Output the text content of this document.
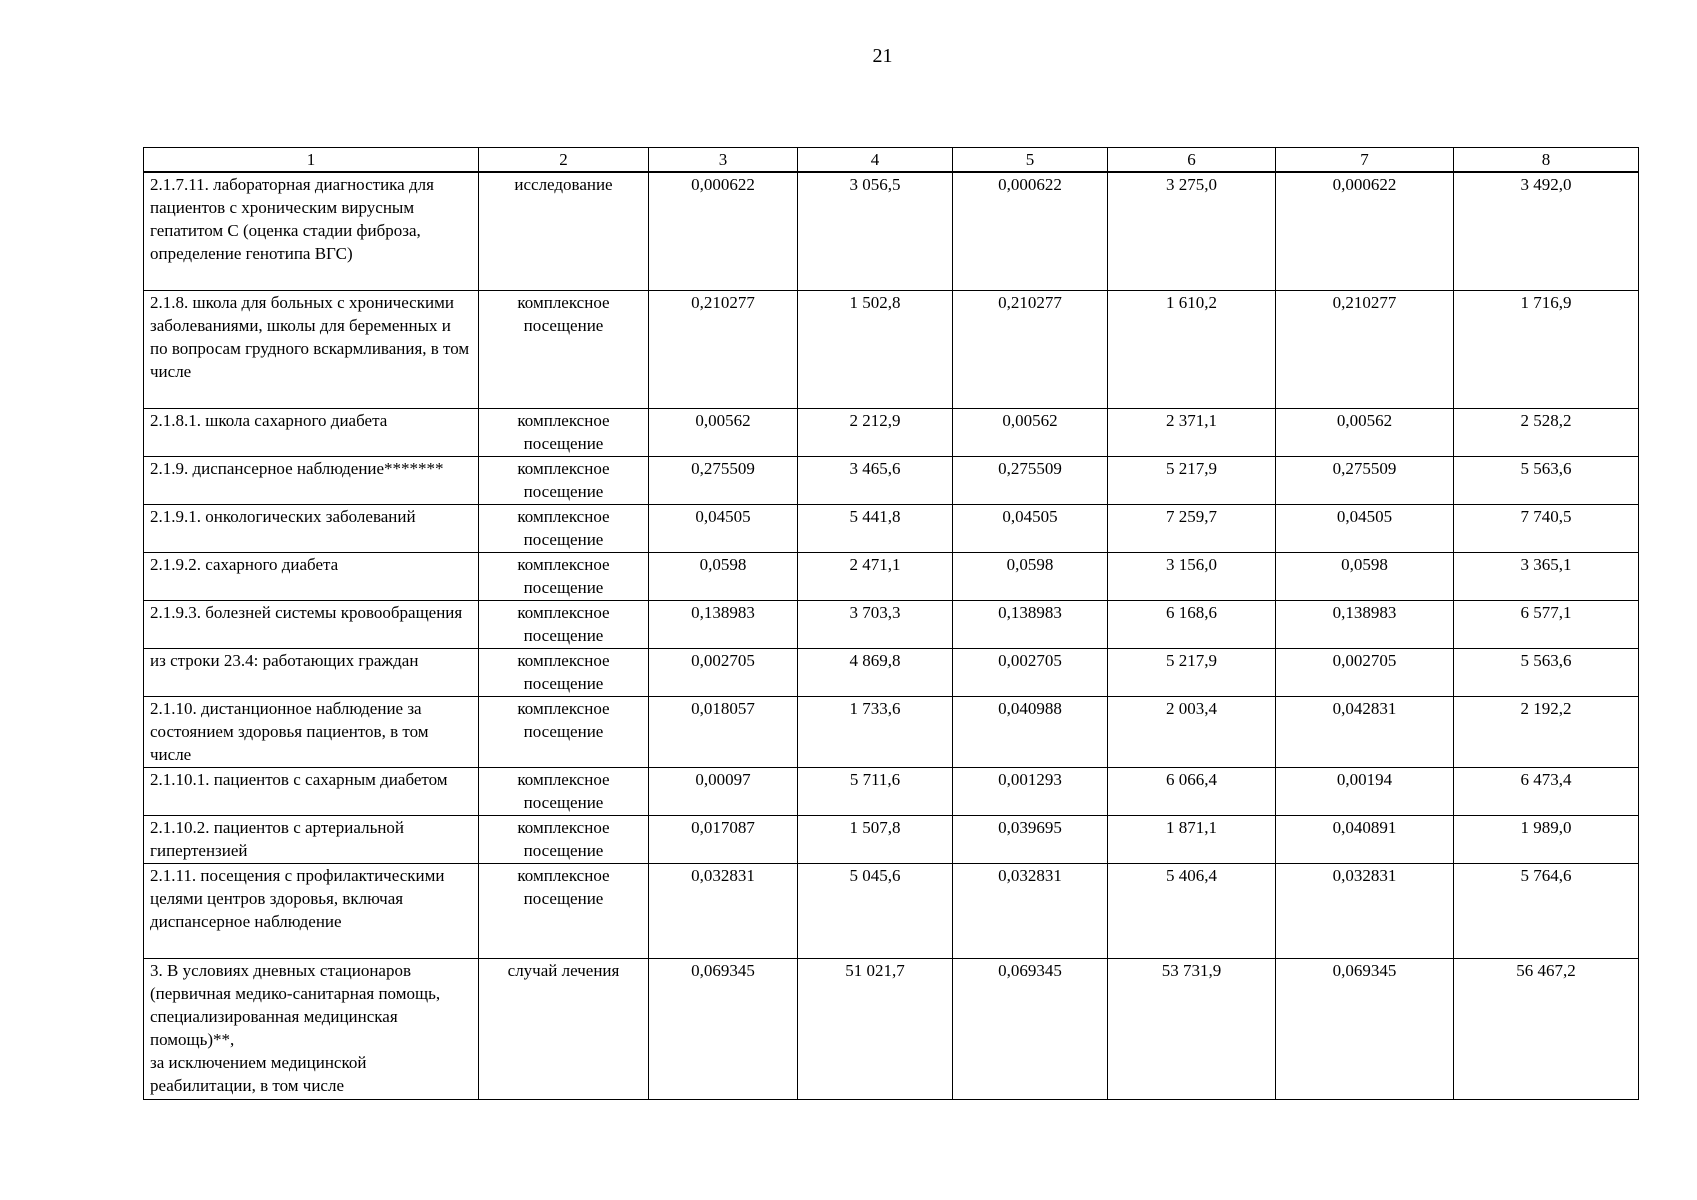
21
1	2	3	4	5	6	7	8
2.1.7.11. лабораторная диагностика для пациентов с хроническим вирусным гепатитом С (оценка стадии фиброза, определение генотипа ВГС)	исследование	0,000622	3 056,5	0,000622	3 275,0	0,000622	3 492,0
2.1.8. школа для больных с хроническими заболеваниями, школы для беременных и по вопросам грудного вскармливания, в том числе	комплексное посещение	0,210277	1 502,8	0,210277	1 610,2	0,210277	1 716,9
2.1.8.1. школа сахарного диабета	комплексное посещение	0,00562	2 212,9	0,00562	2 371,1	0,00562	2 528,2
2.1.9. диспансерное наблюдение*******	комплексное посещение	0,275509	3 465,6	0,275509	5 217,9	0,275509	5 563,6
2.1.9.1. онкологических заболеваний	комплексное посещение	0,04505	5 441,8	0,04505	7 259,7	0,04505	7 740,5
2.1.9.2. сахарного диабета	комплексное посещение	0,0598	2 471,1	0,0598	3 156,0	0,0598	3 365,1
2.1.9.3. болезней системы кровообращения	комплексное посещение	0,138983	3 703,3	0,138983	6 168,6	0,138983	6 577,1
из строки 23.4: работающих граждан	комплексное посещение	0,002705	4 869,8	0,002705	5 217,9	0,002705	5 563,6
2.1.10. дистанционное наблюдение за состоянием здоровья пациентов, в том числе	комплексное посещение	0,018057	1 733,6	0,040988	2 003,4	0,042831	2 192,2
2.1.10.1. пациентов с сахарным диабетом	комплексное посещение	0,00097	5 711,6	0,001293	6 066,4	0,00194	6 473,4
2.1.10.2. пациентов с артериальной гипертензией	комплексное посещение	0,017087	1 507,8	0,039695	1 871,1	0,040891	1 989,0
2.1.11. посещения с профилактическими целями центров здоровья, включая диспансерное наблюдение	комплексное посещение	0,032831	5 045,6	0,032831	5 406,4	0,032831	5 764,6
3. В условиях дневных стационаров (первичная медико-санитарная помощь, специализированная медицинская помощь)**,
за исключением медицинской реабилитации, в том числе	случай лечения	0,069345	51 021,7	0,069345	53 731,9	0,069345	56 467,2
